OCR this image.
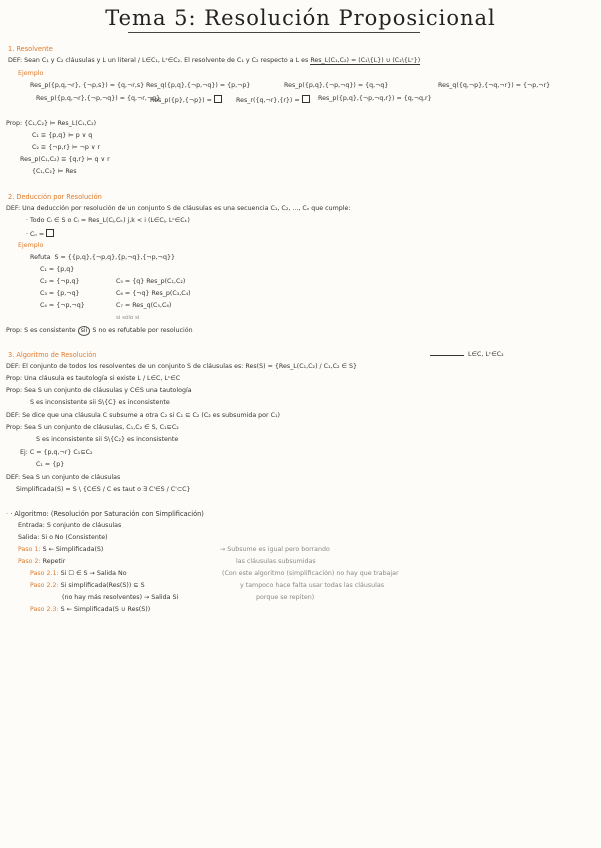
Tema 5: Resolución Proposicional
1. Resolvente
DEF: Sean C₁ y C₂ cláusulas y L un literal / L∈C₁, Lᶜ∈C₂. El resolvente de C₁ y C₂ respecto a L es Res_L(C₁,C₂) = (C₁\{L}) ∪ (C₂\{Lᶜ})
Ejemplo
Res_p({p,q,¬r}, {¬p,s}) = {q,¬r,s} Res_q({p,q},{¬p,¬q}) = {p,¬p}	Res_p({p,q},{¬p,¬q}) = {q,¬q}	Res_q({q,¬p},{¬q,¬r}) = {¬p,¬r}
Res_p({p,q,¬r},{¬p,¬q}) = {q,¬r,¬q}
Res_p({p},{¬p}) =	Res_r({q,¬r},{r}) =	Res_p({p,q},{¬p,¬q,r}) = {q,¬q,r}
Prop: {C₁,C₂} ⊨ Res_L(C₁,C₂)
C₁ ≡ {p,q} ⊨ p ∨ q
C₂ ≡ {¬p,r} ⊨ ¬p ∨ r
Res_p(C₁,C₂) ≡ {q,r} ⊨ q ∨ r
{C₁,C₂} ⊨ Res
2. Deducción por Resolución
DEF: Una deducción por resolución de un conjunto S de cláusulas es una secuencia C₁, C₂, ..., Cₙ que cumple:
· Todo Cᵢ ∈ S o Cᵢ = Res_L(Cⱼ,Cₖ) j,k < i (L∈Cⱼ, Lᶜ∈Cₖ)
· Cₙ =
Ejemplo
Refuta S = {{p,q},{¬p,q},{p,¬q},{¬p,¬q}}
C₁ = {p,q}
C₂ = {¬p,q}	C₅ = {q} Res_p(C₁,C₂)
C₃ = {p,¬q}	C₆ = {¬q} Res_p(C₃,C₄)
C₄ = {¬p,¬q}	C₇ = Res_q(C₅,C₆)
si sólo si
Prop: S es consistente sii S no es refutable por resolución
3. Algoritmo de Resolución	L∈C, Lᶜ∈C₂
DEF: El conjunto de todos los resolventes de un conjunto S de cláusulas es: Res(S) = {Res_L(C₁,C₂) / C₁,C₂ ∈ S}
Prop: Una cláusula es tautología si existe L / L∈C, Lᶜ∈C
Prop: Sea S un conjunto de cláusulas y C∈S una tautología
S es inconsistente sii S\{C} es inconsistente
DEF: Se dice que una cláusula C subsume a otra C₂ si C₁ ⊆ C₂ (C₂ es subsumida por C₁)
Prop: Sea S un conjunto de cláusulas, C₁,C₂ ∈ S, C₁⊆C₂
S es inconsistente sii S\{C₂} es inconsistente
Ej: C = {p,q,¬r} C₁⊆C₂
C₁ = {p}
DEF: Sea S un conjunto de cláusulas
Simplificada(S) = S \ {C∈S / C es taut o ∃ C'∈S / C'⊂C}
· · Algoritmo: (Resolución por Saturación con Simplificación)
Entrada: S conjunto de cláusulas
Salida: Si o No (Consistente)
Paso 1: S ← Simplificada(S)
Paso 2: Repetir
Paso 2.1: Si ☐ ∈ S → Salida No
Paso 2.2: Si simplificada(Res(S)) ⊆ S
(no hay más resolventes) → Salida Si
Paso 2.3: S ← Simplificada(S ∪ Res(S))
→ Subsume es igual pero borrando
las cláusulas subsumidas
(Con este algoritmo (simplificación) no hay que trabajar
y tampoco hace falta usar todas las cláusulas
porque se repiten)
